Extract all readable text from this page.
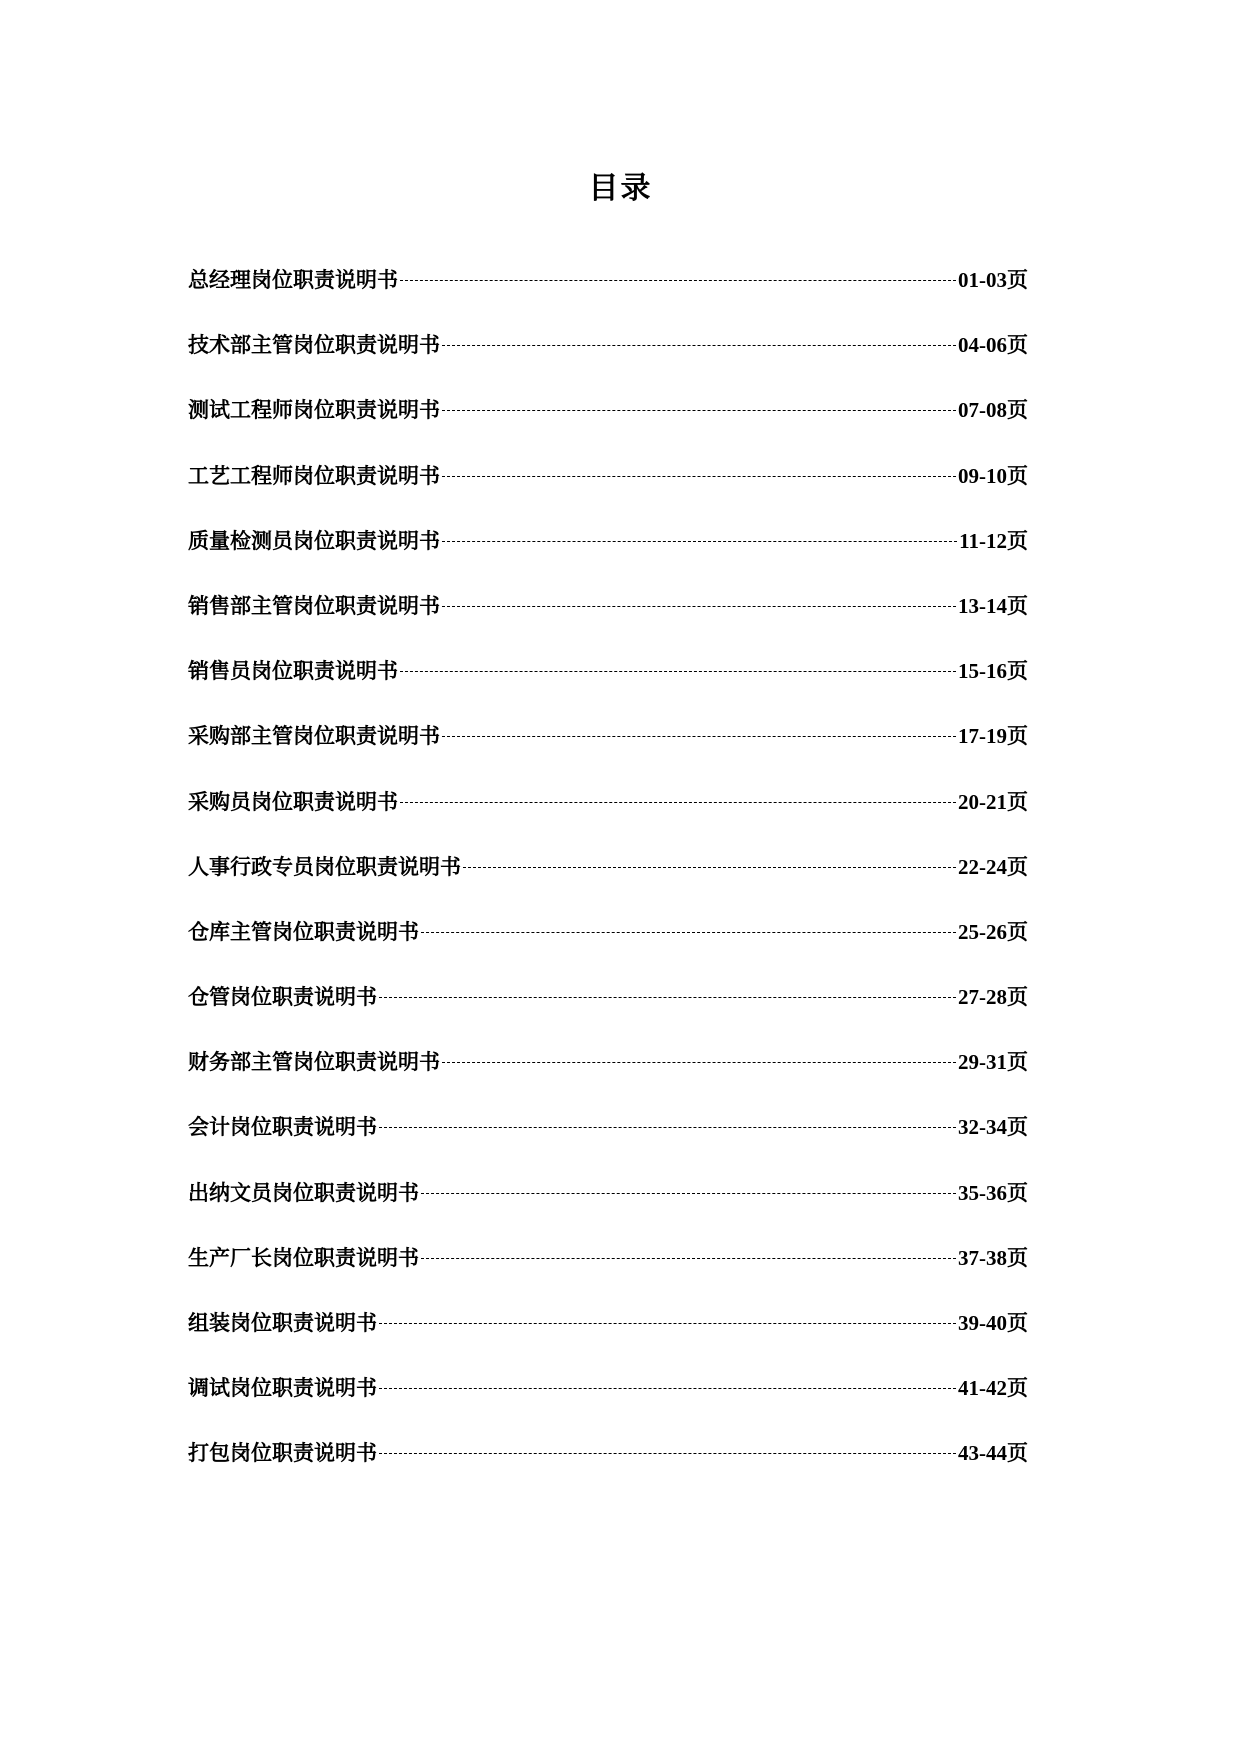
目录
总经理岗位职责说明书	01-03页
技术部主管岗位职责说明书	04-06页
测试工程师岗位职责说明书	07-08页
工艺工程师岗位职责说明书	09-10页
质量检测员岗位职责说明书	11-12页
销售部主管岗位职责说明书	13-14页
销售员岗位职责说明书	15-16页
采购部主管岗位职责说明书	17-19页
采购员岗位职责说明书	20-21页
人事行政专员岗位职责说明书	22-24页
仓库主管岗位职责说明书	25-26页
仓管岗位职责说明书	27-28页
财务部主管岗位职责说明书	29-31页
会计岗位职责说明书	32-34页
出纳文员岗位职责说明书	35-36页
生产厂长岗位职责说明书	37-38页
组装岗位职责说明书	39-40页
调试岗位职责说明书	41-42页
打包岗位职责说明书	43-44页
